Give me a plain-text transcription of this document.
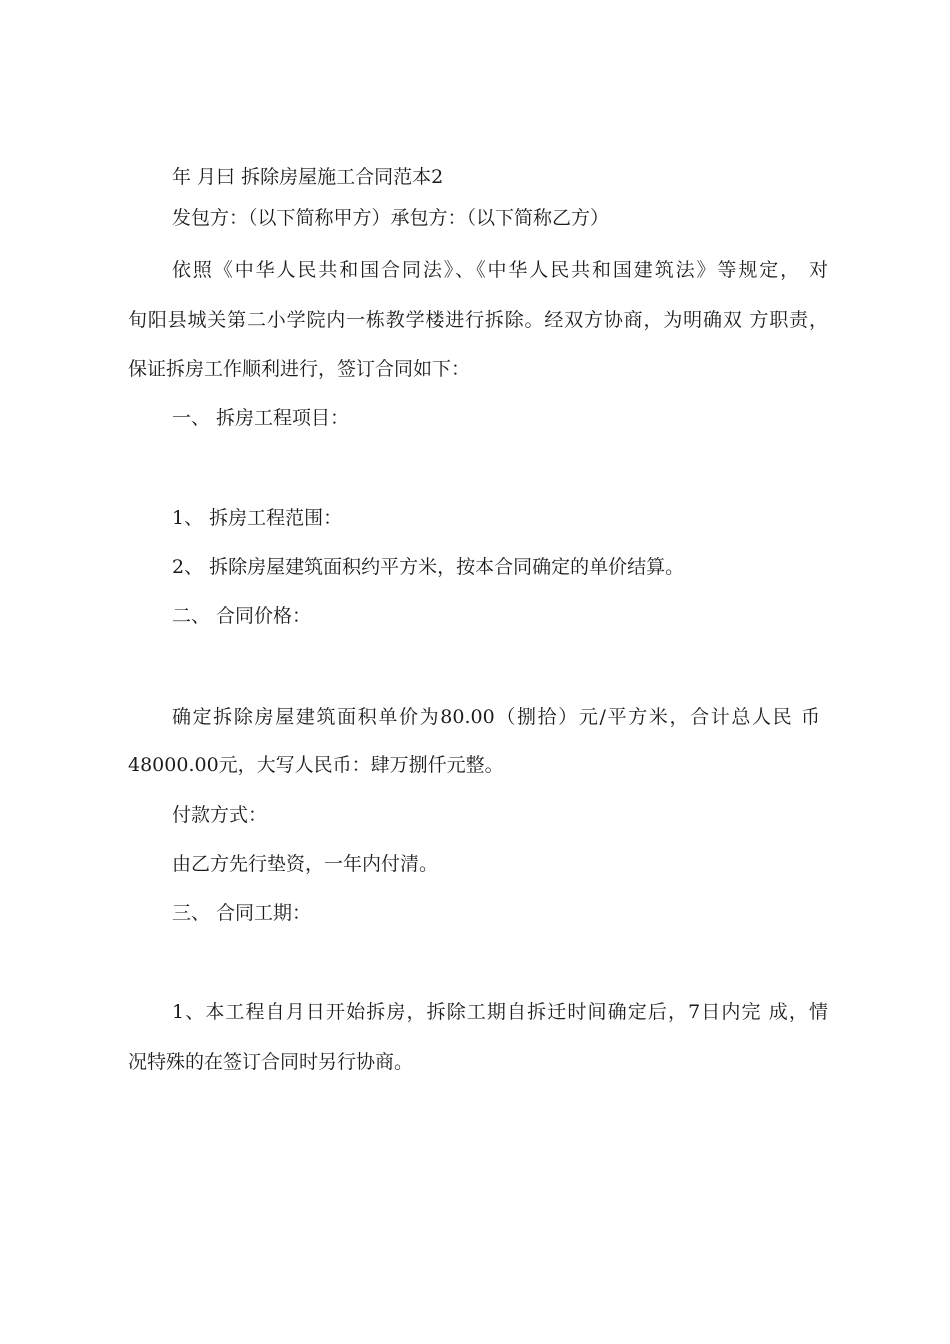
年 月曰 拆除房屋施工合同范本2

发包方：（以下简称甲方）承包方：（以下简称乙方）

依照《中华人民共和国合同法》、《中华人民共和国建筑法》等规定， 对

旬阳县城关第二小学院内一栋教学楼进行拆除。经双方协商，为明确双 方职责，

保证拆房工作顺利进行，签订合同如下：

一、 拆房工程项目：

1、 拆房工程范围：

2、 拆除房屋建筑面积约平方米，按本合同确定的单价结算。

二、 合同价格：

确定拆除房屋建筑面积单价为80.00（捌拾）元/平方米，合计总人民 币

48000.00元，大写人民币：肆万捌仟元整。

付款方式：

由乙方先行垫资，一年内付清。

三、 合同工期：

1、本工程自月日开始拆房，拆除工期自拆迁时间确定后，7日内完 成，情

况特殊的在签订合同时另行协商。
